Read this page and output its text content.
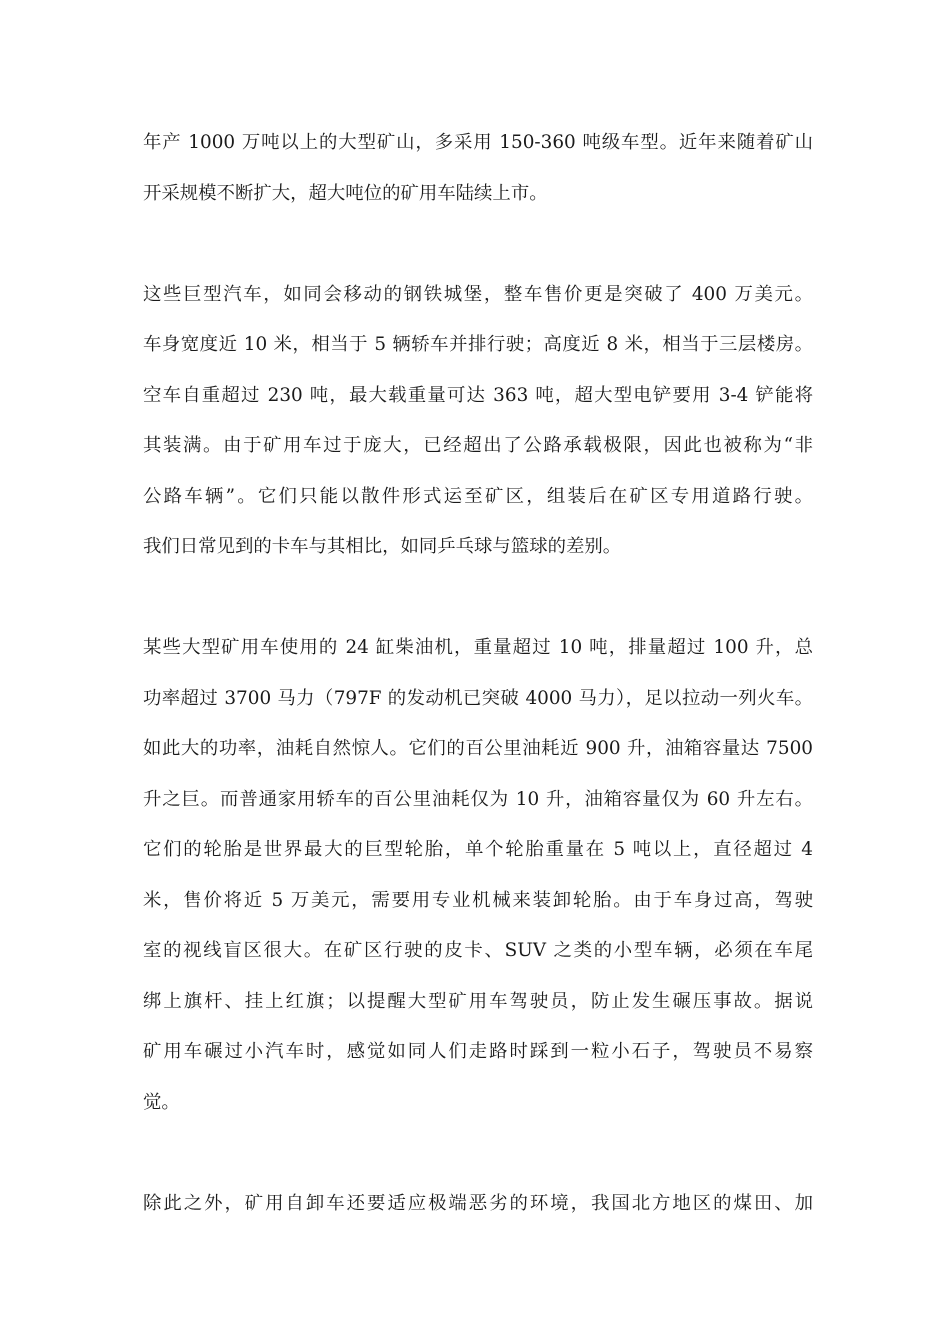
年产 1000 万吨以上的大型矿山，多采用 150-360 吨级车型。近年来随着矿山
开采规模不断扩大，超大吨位的矿用车陆续上市。
这些巨型汽车，如同会移动的钢铁城堡，整车售价更是突破了 400 万美元。
车身宽度近 10 米，相当于 5 辆轿车并排行驶；高度近 8 米，相当于三层楼房。
空车自重超过 230 吨，最大载重量可达 363 吨，超大型电铲要用 3-4 铲能将
其装满。由于矿用车过于庞大，已经超出了公路承载极限，因此也被称为“非
公路车辆”。它们只能以散件形式运至矿区，组装后在矿区专用道路行驶。
我们日常见到的卡车与其相比，如同乒乓球与篮球的差别。
某些大型矿用车使用的 24 缸柴油机，重量超过 10 吨，排量超过 100 升，总
功率超过 3700 马力（797F 的发动机已突破 4000 马力），足以拉动一列火车。
如此大的功率，油耗自然惊人。它们的百公里油耗近 900 升，油箱容量达 7500
升之巨。而普通家用轿车的百公里油耗仅为 10 升，油箱容量仅为 60 升左右。
它们的轮胎是世界最大的巨型轮胎，单个轮胎重量在 5 吨以上，直径超过 4
米，售价将近 5 万美元，需要用专业机械来装卸轮胎。由于车身过高，驾驶
室的视线盲区很大。在矿区行驶的皮卡、SUV 之类的小型车辆，必须在车尾
绑上旗杆、挂上红旗；以提醒大型矿用车驾驶员，防止发生碾压事故。据说
矿用车碾过小汽车时，感觉如同人们走路时踩到一粒小石子，驾驶员不易察
觉。
除此之外，矿用自卸车还要适应极端恶劣的环境，我国北方地区的煤田、加
